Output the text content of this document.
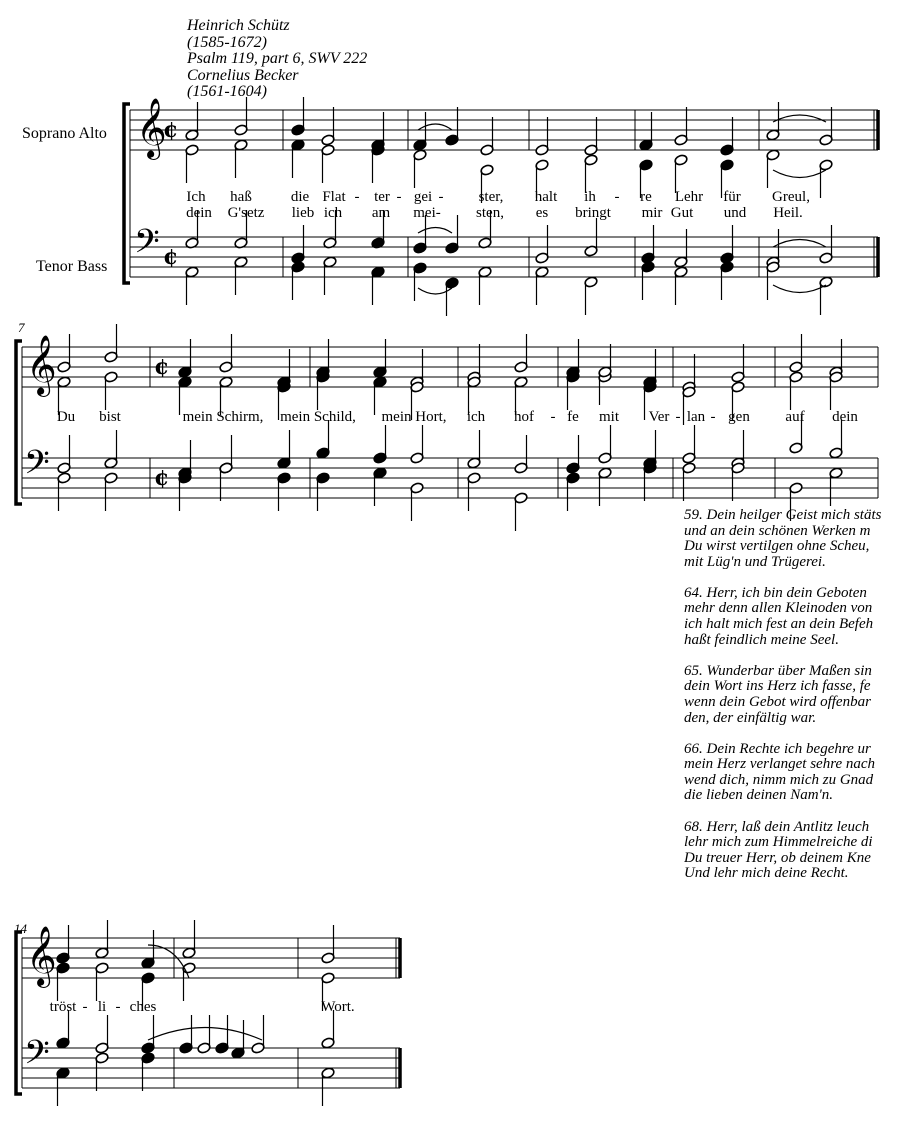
Heinrich Schütz
(1585-1672)
Psalm 119, part 6, SWV 222
Cornelius Becker
(1561-1604)
Soprano Alto
Tenor Bass
7
14
𝄞
𝄢
¢
¢
𝄞
𝄢
¢
¢
𝄞
𝄢
Ich haß	die Flat - ter - gei - ster, halt ih - re Lehr für Greul,
dein G'setz lieb ich am mei- sten, es bringt mir Gut und Heil.
Du bist	mein Schirm, mein Schild, mein Hort, ich hof - fe mit Ver - lan - gen auf dein
tröst - li - ches	Wort.
59. Dein heilger Geist mich stäts
und an dein schönen Werken m
Du wirst vertilgen ohne Scheu,
mit Lüg'n und Trügerei.
64. Herr, ich bin dein Geboten
mehr denn allen Kleinoden von
ich halt mich fest an dein Befeh
haßt feindlich meine Seel.
65. Wunderbar über Maßen sin
dein Wort ins Herz ich fasse, fe
wenn dein Gebot wird offenbar
den, der einfältig war.
66. Dein Rechte ich begehre ur
mein Herz verlanget sehre nach
wend dich, nimm mich zu Gnad
die lieben deinen Nam'n.
68. Herr, laß dein Antlitz leuch
lehr mich zum Himmelreiche di
Du treuer Herr, ob deinem Kne
Und lehr mich deine Recht.
